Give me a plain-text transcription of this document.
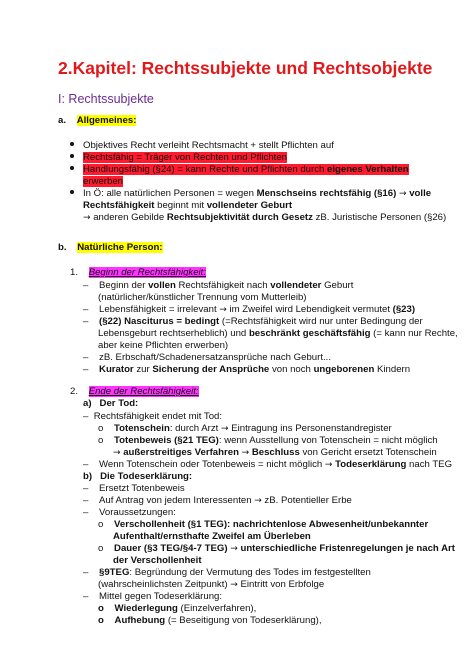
2.Kapitel: Rechtssubjekte und Rechtsobjekte
I: Rechtssubjekte
a. Allgemeines:
Objektives Recht verleiht Rechtsmacht + stellt Pflichten auf
Rechtsfähig = Träger von Rechten und Pflichten
Handlungsfähig (§24) = kann Rechte und Pflichten durch eigenes Verhalten
erwerben
In Ö: alle natürlichen Personen = wegen Menschseins rechtsfähig (§16) → volle
Rechtsfähigkeit beginnt mit vollendeter Geburt
→ anderen Gebilde Rechtsubjektivität durch Gesetz zB. Juristische Personen (§26)
b. Natürliche Person:
1. Beginn der Rechtsfähigkeit:
– Beginn der vollen Rechtsfähigkeit nach vollendeter Geburt
(natürlicher/künstlicher Trennung vom Mutterleib)
– Lebensfähigkeit = irrelevant → im Zweifel wird Lebendigkeit vermutet (§23)
– (§22) Nasciturus = bedingt (=Rechtsfähigkeit wird nur unter Bedingung der
Lebensgeburt rechtserheblich) und beschränkt geschäftsfähig (= kann nur Rechte,
aber keine Pflichten erwerben)
– zB. Erbschaft/Schadenersatzansprüche nach Geburt...
– Kurator zur Sicherung der Ansprüche von noch ungeborenen Kindern
2. Ende der Rechtsfähigkeit:
a) Der Tod:
– Rechtsfähigkeit endet mit Tod:
o Totenschein: durch Arzt → Eintragung ins Personenstandregister
o Totenbeweis (§21 TEG): wenn Ausstellung von Totenschein = nicht möglich
→ außerstreitiges Verfahren → Beschluss von Gericht ersetzt Totenschein
– Wenn Totenschein oder Totenbeweis = nicht möglich → Todeserklärung nach TEG
b) Die Todeserklärung:
– Ersetzt Totenbeweis
– Auf Antrag von jedem Interessenten → zB. Potentieller Erbe
– Voraussetzungen:
o Verschollenheit (§1 TEG): nachrichtenlose Abwesenheit/unbekannter
Aufenthalt/ernsthafte Zweifel am Überleben
o Dauer (§3 TEG/§4-7 TEG) → unterschiedliche Fristenregelungen je nach Art
der Verschollenheit
– §9TEG: Begründung der Vermutung des Todes im festgestellten
(wahrscheinlichsten Zeitpunkt) → Eintritt von Erbfolge
– Mittel gegen Todeserklärung:
o Wiederlegung (Einzelverfahren),
o Aufhebung (= Beseitigung von Todeserklärung),
